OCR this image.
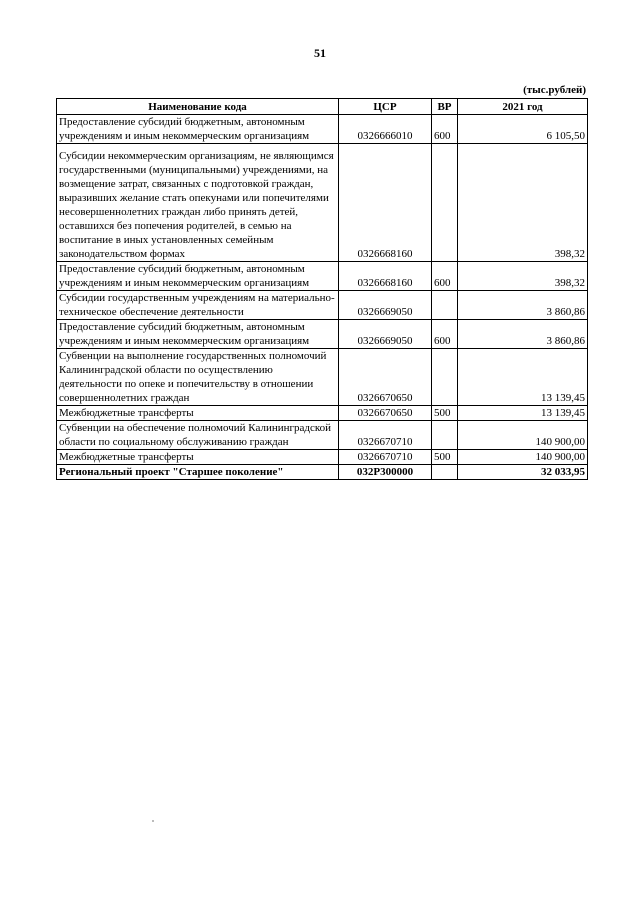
51
(тыс.рублей)
Наименование кода	ЦСР	ВР	2021 год
Предоставление субсидий бюджетным, автономным учреждениям и иным некоммерческим организациям	0326666010	600	6 105,50
Субсидии некоммерческим организациям, не являющимся государственными (муниципальными) учреждениями, на возмещение затрат, связанных с подготовкой граждан, выразивших желание стать опекунами или попечителями несовершеннолетних граждан либо принять детей, оставшихся без попечения родителей, в семью на воспитание в иных установленных семейным законодательством формах	0326668160		398,32
Предоставление субсидий бюджетным, автономным учреждениям и иным некоммерческим организациям	0326668160	600	398,32
Субсидии государственным учреждениям на материально-техническое обеспечение деятельности	0326669050		3 860,86
Предоставление субсидий бюджетным, автономным учреждениям и иным некоммерческим организациям	0326669050	600	3 860,86
Субвенции на выполнение государственных полномочий Калининградской области по осуществлению деятельности по опеке и попечительству в отношении совершеннолетних граждан	0326670650		13 139,45
Межбюджетные трансферты	0326670650	500	13 139,45
Субвенции на обеспечение полномочий Калининградской области по социальному обслуживанию граждан	0326670710		140 900,00
Межбюджетные трансферты	0326670710	500	140 900,00
Региональный проект "Старшее поколение"	032P300000		32 033,95
